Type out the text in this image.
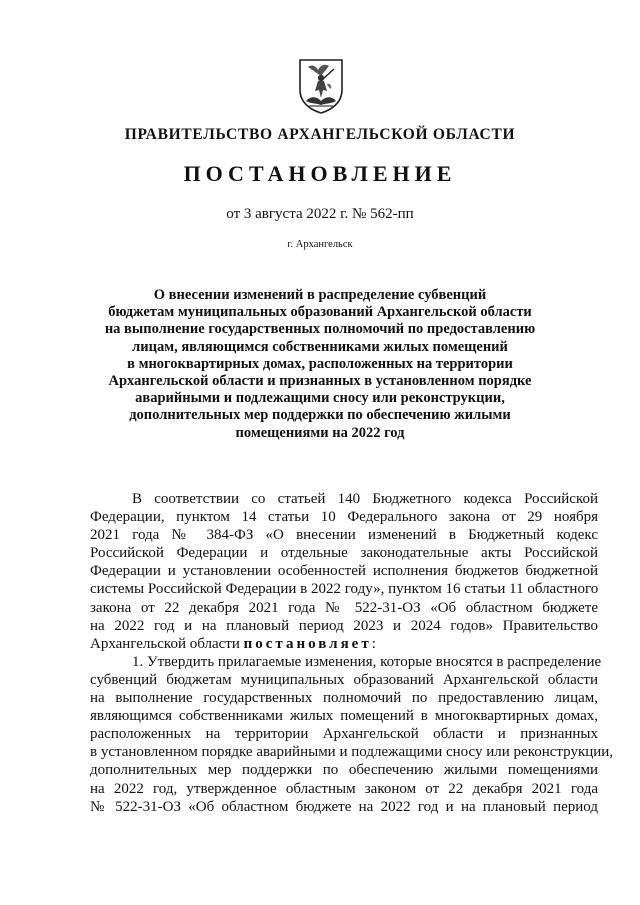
ПРАВИТЕЛЬСТВО АРХАНГЕЛЬСКОЙ ОБЛАСТИ
ПОСТАНОВЛЕНИЕ
от 3 августа 2022 г. № 562-пп
г. Архангельск
О внесении изменений в распределение субвенций
бюджетам муниципальных образований Архангельской области
на выполнение государственных полномочий по предоставлению
лицам, являющимся собственниками жилых помещений
в многоквартирных домах, расположенных на территории
Архангельской области и признанных в установленном порядке
аварийными и подлежащими сносу или реконструкции,
дополнительных мер поддержки по обеспечению жилыми
помещениями на 2022 год
В соответствии со статьей 140 Бюджетного кодекса Российской
Федерации, пунктом 14 статьи 10 Федерального закона от 29 ноября
2021 года № 384-ФЗ «О внесении изменений в Бюджетный кодекс
Российской Федерации и отдельные законодательные акты Российской
Федерации и установлении особенностей исполнения бюджетов бюджетной
системы Российской Федерации в 2022 году», пунктом 16 статьи 11 областного
закона от 22 декабря 2021 года № 522-31-ОЗ «Об областном бюджете
на 2022 год и на плановый период 2023 и 2024 годов» Правительство
Архангельской области постановляет:
1. Утвердить прилагаемые изменения, которые вносятся в распределение
субвенций бюджетам муниципальных образований Архангельской области
на выполнение государственных полномочий по предоставлению лицам,
являющимся собственниками жилых помещений в многоквартирных домах,
расположенных на территории Архангельской области и признанных
в установленном порядке аварийными и подлежащими сносу или реконструкции,
дополнительных мер поддержки по обеспечению жилыми помещениями
на 2022 год, утвержденное областным законом от 22 декабря 2021 года
№ 522-31-ОЗ «Об областном бюджете на 2022 год и на плановый период
